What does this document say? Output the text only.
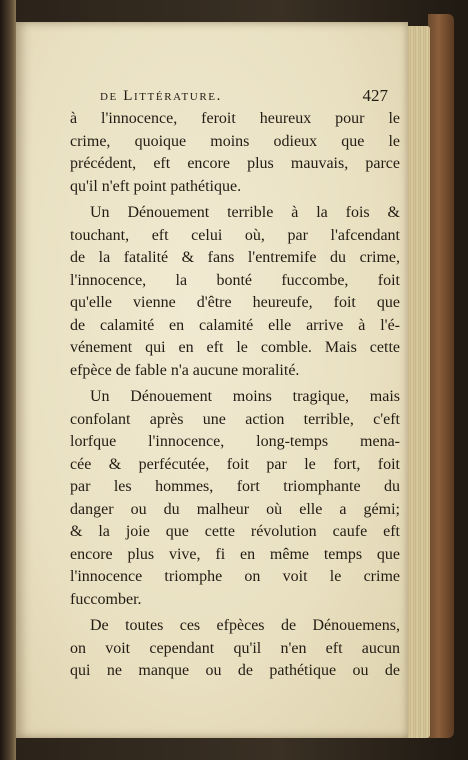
de Littérature.	427
à l'innocence, feroit heureux pour le
crime, quoique moins odieux que le
précédent, eft encore plus mauvais, parce
qu'il n'eft point pathétique.
Un Dénouement terrible à la fois &
touchant, eft celui où, par l'afcendant
de la fatalité & fans l'entremife du crime,
l'innocence, la bonté fuccombe, foit
qu'elle vienne d'être heureufe, foit que
de calamité en calamité elle arrive à l'é-
vénement qui en eft le comble. Mais cette
efpèce de fable n'a aucune moralité.
Un Dénouement moins tragique, mais
confolant après une action terrible, c'eft
lorfque l'innocence, long-temps mena-
cée & perfécutée, foit par le fort, foit
par les hommes, fort triomphante du
danger ou du malheur où elle a gémi;
& la joie que cette révolution caufe eft
encore plus vive, fi en même temps que
l'innocence triomphe on voit le crime
fuccomber.
De toutes ces efpèces de Dénouemens,
on voit cependant qu'il n'en eft aucun
qui ne manque ou de pathétique ou de
